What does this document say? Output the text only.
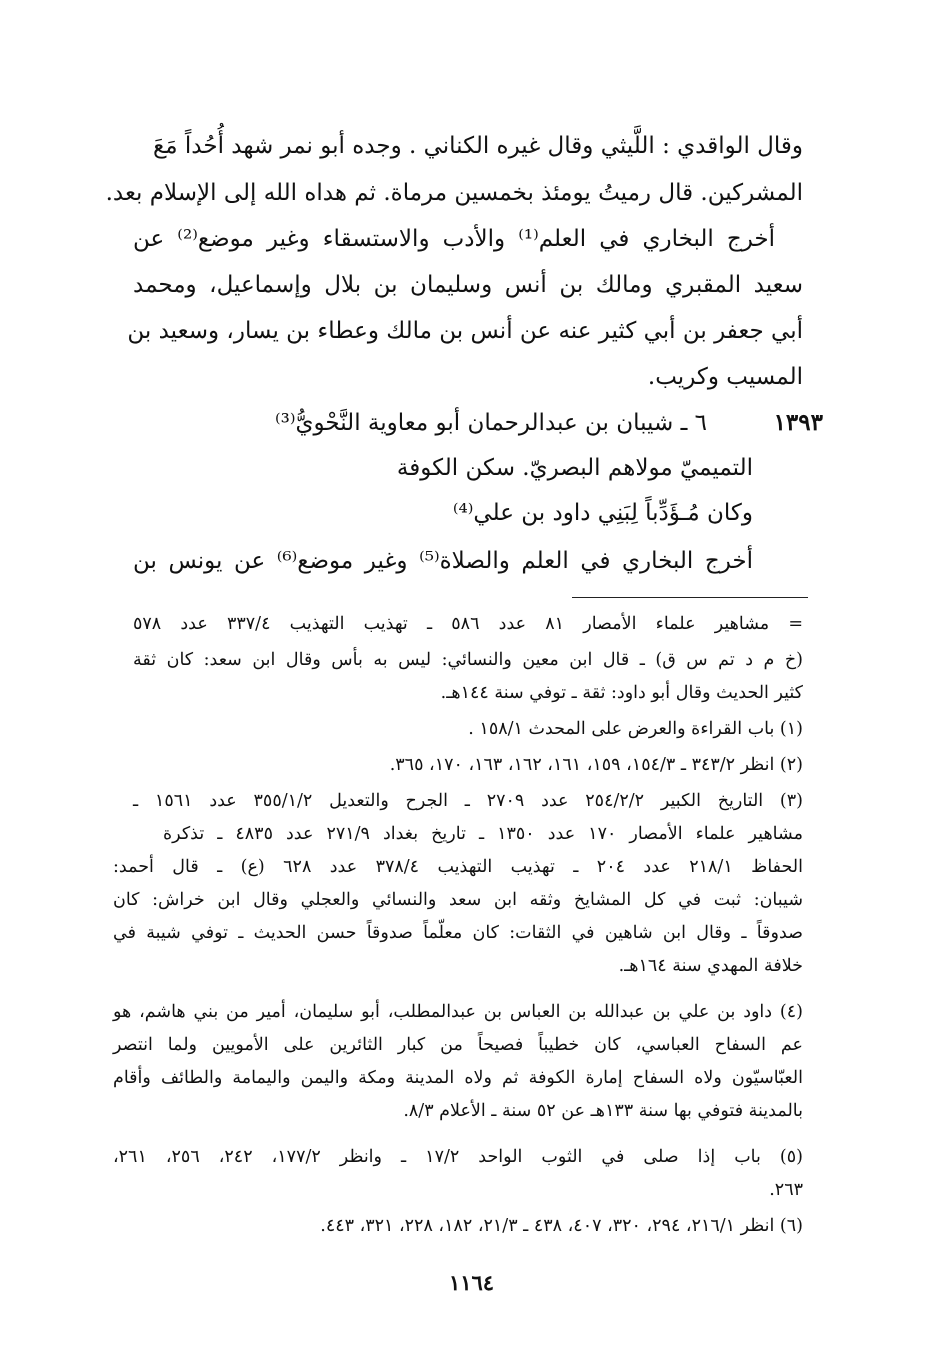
وقال الواقدي : اللَّيثي وقال غيره الكناني . وجده أبو نمر شهد أُحُداً مَعَ

المشركين. قال رميتُ يومئذ بخمسين مرماة. ثم هداه الله إلى الإسلام بعد.

أخرج البخاري في العلم⁽¹⁾ والأدب والاستسقاء وغير موضع⁽²⁾ عن

سعيد المقبري ومالك بن أنس وسليمان بن بلال وإسماعيل، ومحمد

أبي جعفر بن أبي كثير عنه عن أنس بن مالك وعطاء بن يسار، وسعيد بن

المسيب وكريب.

١٣٩٣

٦ ـ شيبان بن عبدالرحمان أبو معاوية النَّحْويُّ⁽³⁾

التميميّ مولاهم البصريّ. سكن الكوفة

وكان مُـؤَدِّباً لِبَنِي داود بن علي⁽⁴⁾

أخرج البخاري في العلم والصلاة⁽⁵⁾ وغير موضع⁽⁶⁾ عن يونس بن

= مشاهير علماء الأمصار ٨١ عدد ٥٨٦ ـ تهذيب التهذيب ٣٣٧/٤ عدد ٥٧٨

(خ م د تم س ق) ـ قال ابن معين والنسائي: ليس به بأس وقال ابن سعد: كان ثقة

كثير الحديث وقال أبو داود: ثقة ـ توفي سنة ١٤٤هـ.

(١) باب القراءة والعرض على المحدث ١٥٨/١ .

(٢) انظر ٣٤٣/٢ ـ ١٥٤/٣، ١٥٩، ١٦١، ١٦٢، ١٦٣، ١٧٠، ٣٦٥.

(٣) التاريخ الكبير ٢٥٤/٢/٢ عدد ٢٧٠٩ ـ الجرح والتعديل ٣٥٥/١/٢ عدد ١٥٦١ ـ

مشاهير علماء الأمصار ١٧٠ عدد ١٣٥٠ ـ تاريخ بغداد ٢٧١/٩ عدد ٤٨٣٥ ـ تذكرة

الحفاظ ٢١٨/١ عدد ٢٠٤ ـ تهذيب التهذيب ٣٧٨/٤ عدد ٦٢٨ (ع) ـ قال أحمد:

شيبان: ثبت في كل المشايخ وثقه ابن سعد والنسائي والعجلي وقال ابن خراش: كان

صدوقاً ـ وقال ابن شاهين في الثقات: كان معلّماً صدوقاً حسن الحديث ـ توفي شيبة في

خلافة المهدي سنة ١٦٤هـ.

(٤) داود بن علي بن عبدالله بن العباس بن عبدالمطلب، أبو سليمان، أمير من بني هاشم، هو

عم السفاح العباسي، كان خطيباً فصيحاً من كبار الثائرين على الأمويين ولما انتصر

العبّاسيّون ولاه السفاح إمارة الكوفة ثم ولاه المدينة ومكة واليمن واليمامة والطائف وأقام

بالمدينة فتوفي بها سنة ١٣٣هـ عن ٥٢ سنة ـ الأعلام ٨/٣.

(٥) باب إذا صلى في الثوب الواحد ١٧/٢ ـ وانظر ١٧٧/٢، ٢٤٢، ٢٥٦، ٢٦١،

٢٦٣.

(٦) انظر ٢١٦/١، ٢٩٤، ٣٢٠، ٤٠٧، ٤٣٨ ـ ٢١/٣، ١٨٢، ٢٢٨، ٣٢١، ٤٤٣.

١١٦٤
